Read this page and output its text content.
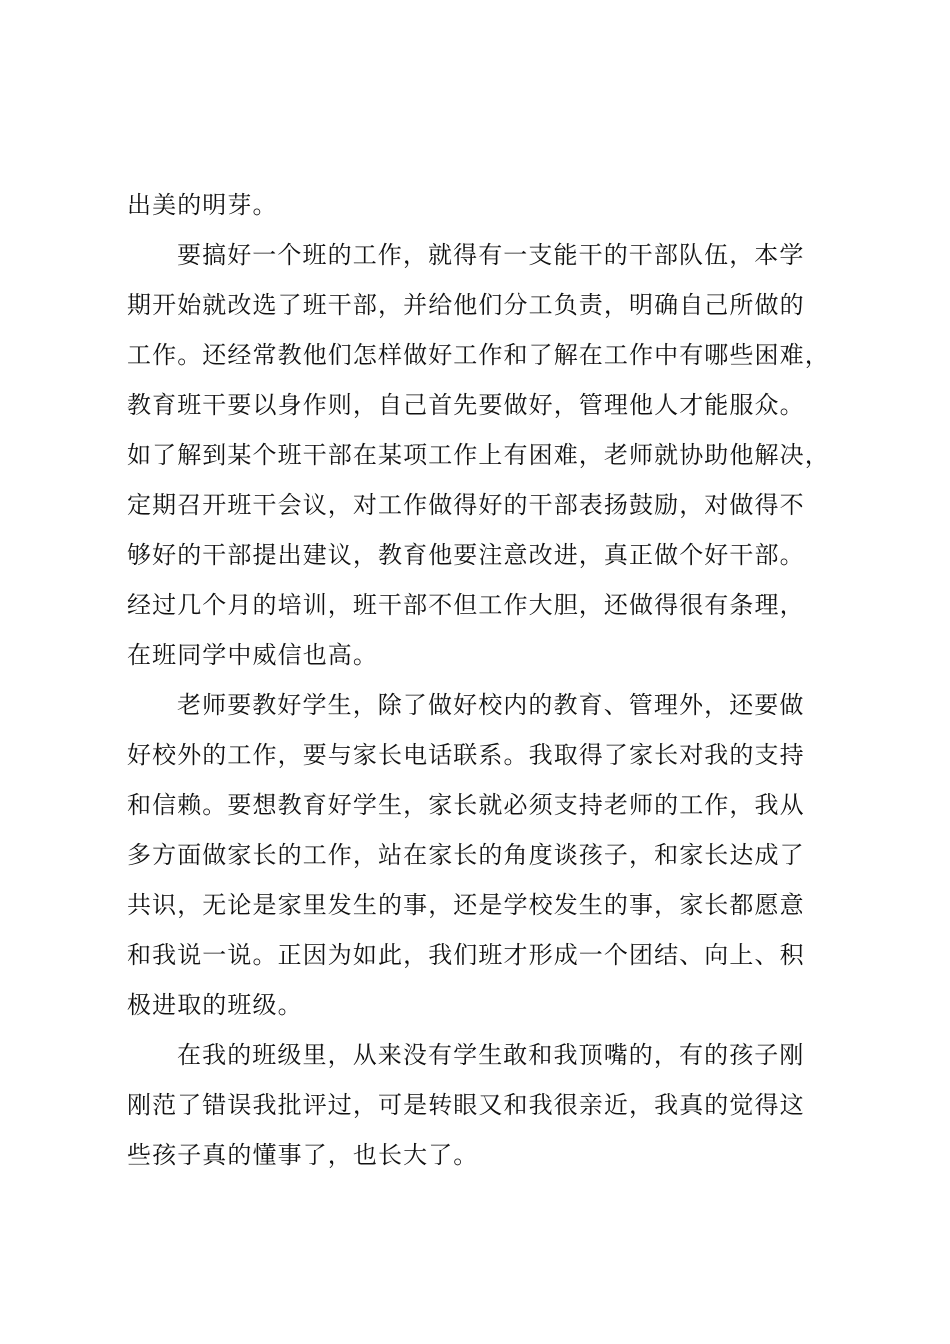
出美的明芽。
要搞好一个班的工作，就得有一支能干的干部队伍，本学
期开始就改选了班干部，并给他们分工负责，明确自己所做的
工作。还经常教他们怎样做好工作和了解在工作中有哪些困难，
教育班干要以身作则，自己首先要做好，管理他人才能服众。
如了解到某个班干部在某项工作上有困难，老师就协助他解决，
定期召开班干会议，对工作做得好的干部表扬鼓励，对做得不
够好的干部提出建议，教育他要注意改进，真正做个好干部。
经过几个月的培训，班干部不但工作大胆，还做得很有条理，
在班同学中威信也高。
老师要教好学生，除了做好校内的教育、管理外，还要做
好校外的工作，要与家长电话联系。我取得了家长对我的支持
和信赖。要想教育好学生，家长就必须支持老师的工作，我从
多方面做家长的工作，站在家长的角度谈孩子，和家长达成了
共识，无论是家里发生的事，还是学校发生的事，家长都愿意
和我说一说。正因为如此，我们班才形成一个团结、向上、积
极进取的班级。
在我的班级里，从来没有学生敢和我顶嘴的，有的孩子刚
刚范了错误我批评过，可是转眼又和我很亲近，我真的觉得这
些孩子真的懂事了，也长大了。
